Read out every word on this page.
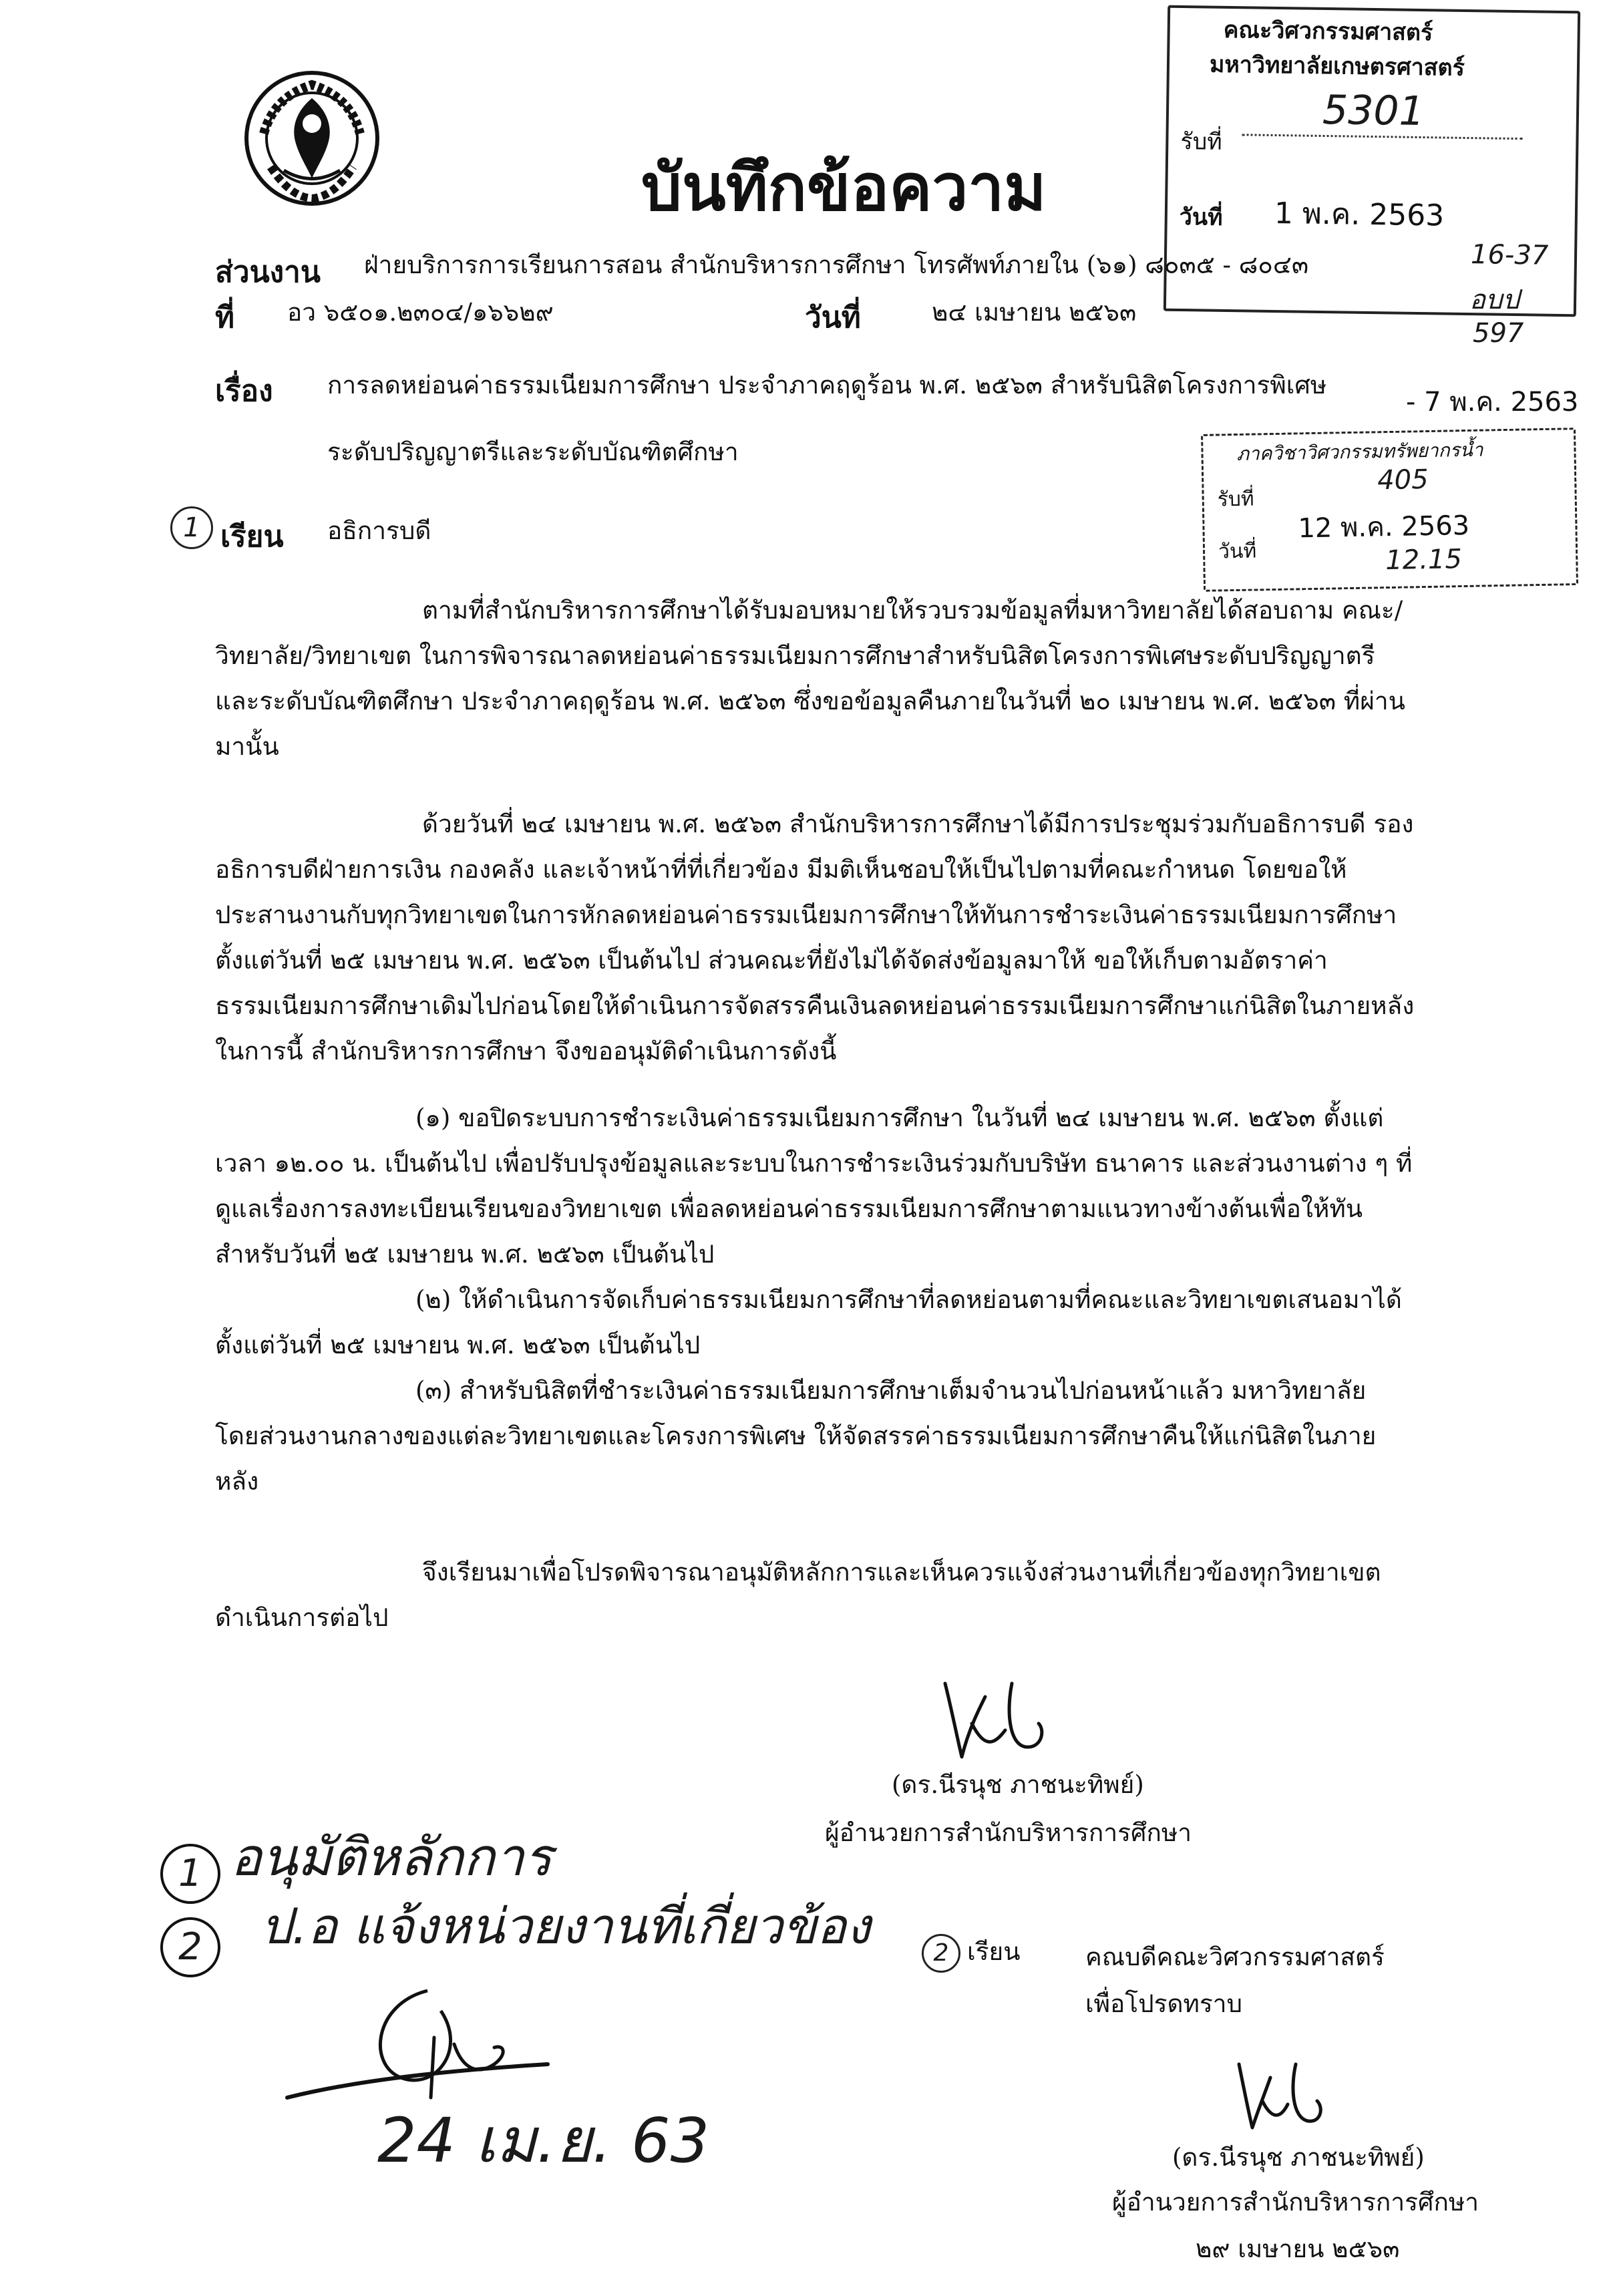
บันทึกข้อความ
คณะวิศวกรรมศาสตร์
มหาวิทยาลัยเกษตรศาสตร์
รับที่
5301
วันที่ 1 พ.ค. 2563
16-37
อบป
597
- 7 พ.ค. 2563
ภาควิชาวิศวกรรมทรัพยากรน้ำ
รับที่
405
วันที่
12 พ.ค. 2563
12.15
ส่วนงาน ฝ่ายบริการการเรียนการสอน สำนักบริหารการศึกษา โทรศัพท์ภายใน (๖๑) ๘๐๓๕ - ๘๐๔๓
ที่ อว ๖๕๐๑.๒๓๐๔/๑๖๖๒๙	วันที่	๒๔ เมษายน ๒๕๖๓
เรื่อง การลดหย่อนค่าธรรมเนียมการศึกษา ประจำภาคฤดูร้อน พ.ศ. ๒๕๖๓ สำหรับนิสิตโครงการพิเศษ
ระดับปริญญาตรีและระดับบัณฑิตศึกษา
1 เรียน อธิการบดี
ตามที่สำนักบริหารการศึกษาได้รับมอบหมายให้รวบรวมข้อมูลที่มหาวิทยาลัยได้สอบถาม คณะ/วิทยาลัย/วิทยาเขต ในการพิจารณาลดหย่อนค่าธรรมเนียมการศึกษาสำหรับนิสิตโครงการพิเศษระดับปริญญาตรีและระดับบัณฑิตศึกษา ประจำภาคฤดูร้อน พ.ศ. ๒๕๖๓ ซึ่งขอข้อมูลคืนภายในวันที่ ๒๐ เมษายน พ.ศ. ๒๕๖๓ ที่ผ่านมานั้น
ด้วยวันที่ ๒๔ เมษายน พ.ศ. ๒๕๖๓ สำนักบริหารการศึกษาได้มีการประชุมร่วมกับอธิการบดี รองอธิการบดีฝ่ายการเงิน กองคลัง และเจ้าหน้าที่ที่เกี่ยวข้อง มีมติเห็นชอบให้เป็นไปตามที่คณะกำหนด โดยขอให้ประสานงานกับทุกวิทยาเขตในการหักลดหย่อนค่าธรรมเนียมการศึกษาให้ทันการชำระเงินค่าธรรมเนียมการศึกษา ตั้งแต่วันที่ ๒๕ เมษายน พ.ศ. ๒๕๖๓ เป็นต้นไป ส่วนคณะที่ยังไม่ได้จัดส่งข้อมูลมาให้ ขอให้เก็บตามอัตราค่าธรรมเนียมการศึกษาเดิมไปก่อนโดยให้ดำเนินการจัดสรรคืนเงินลดหย่อนค่าธรรมเนียมการศึกษาแก่นิสิตในภายหลัง ในการนี้ สำนักบริหารการศึกษา จึงขออนุมัติดำเนินการดังนี้
(๑) ขอปิดระบบการชำระเงินค่าธรรมเนียมการศึกษา ในวันที่ ๒๔ เมษายน พ.ศ. ๒๕๖๓ ตั้งแต่เวลา ๑๒.๐๐ น. เป็นต้นไป เพื่อปรับปรุงข้อมูลและระบบในการชำระเงินร่วมกับบริษัท ธนาคาร และส่วนงานต่าง ๆ ที่ดูแลเรื่องการลงทะเบียนเรียนของวิทยาเขต เพื่อลดหย่อนค่าธรรมเนียมการศึกษาตามแนวทางข้างต้นเพื่อให้ทันสำหรับวันที่ ๒๕ เมษายน พ.ศ. ๒๕๖๓ เป็นต้นไป
(๒) ให้ดำเนินการจัดเก็บค่าธรรมเนียมการศึกษาที่ลดหย่อนตามที่คณะและวิทยาเขตเสนอมาได้ตั้งแต่วันที่ ๒๕ เมษายน พ.ศ. ๒๕๖๓ เป็นต้นไป
(๓) สำหรับนิสิตที่ชำระเงินค่าธรรมเนียมการศึกษาเต็มจำนวนไปก่อนหน้าแล้ว มหาวิทยาลัย โดยส่วนงานกลางของแต่ละวิทยาเขตและโครงการพิเศษ ให้จัดสรรค่าธรรมเนียมการศึกษาคืนให้แก่นิสิตในภายหลัง
จึงเรียนมาเพื่อโปรดพิจารณาอนุมัติหลักการและเห็นควรแจ้งส่วนงานที่เกี่ยวข้องทุกวิทยาเขต ดำเนินการต่อไป
(ดร.นีรนุช ภาชนะทิพย์)
ผู้อำนวยการสำนักบริหารการศึกษา
1 อนุมัติหลักการ
2	ป.อ แจ้งหน่วยงานที่เกี่ยวข้อง
24 เม.ย. 63
2 เรียน	คณบดีคณะวิศวกรรมศาสตร์
เพื่อโปรดทราบ
(ดร.นีรนุช ภาชนะทิพย์)
ผู้อำนวยการสำนักบริหารการศึกษา
๒๙ เมษายน ๒๕๖๓
